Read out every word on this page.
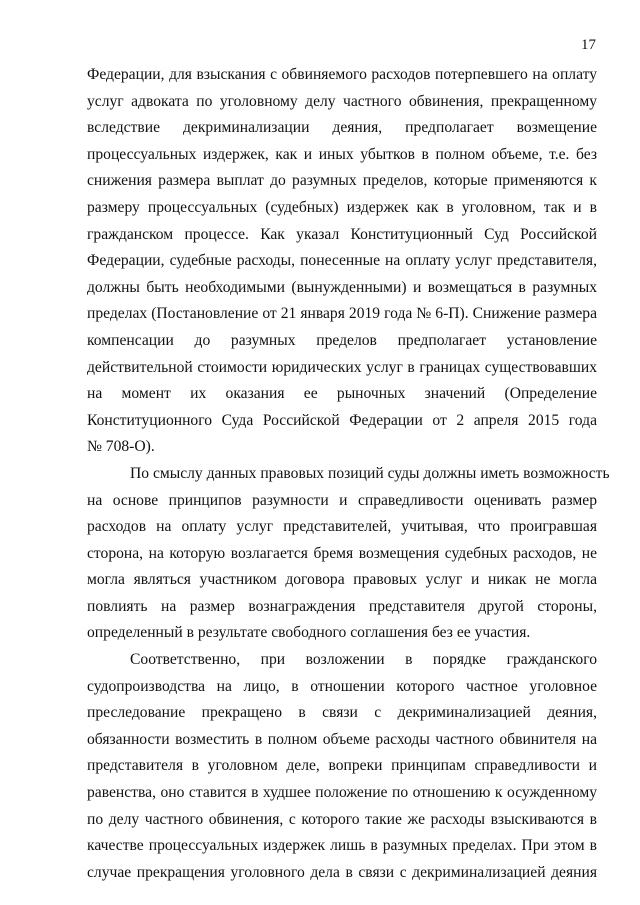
17
Федерации, для взыскания с обвиняемого расходов потерпевшего на оплату
услуг адвоката по уголовному делу частного обвинения, прекращенному
вследствие декриминализации деяния, предполагает возмещение
процессуальных издержек, как и иных убытков в полном объеме, т.е. без
снижения размера выплат до разумных пределов, которые применяются к
размеру процессуальных (судебных) издержек как в уголовном, так и в
гражданском процессе. Как указал Конституционный Суд Российской
Федерации, судебные расходы, понесенные на оплату услуг представителя,
должны быть необходимыми (вынужденными) и возмещаться в разумных
пределах (Постановление от 21 января 2019 года № 6-П). Снижение размера
компенсации до разумных пределов предполагает установление
действительной стоимости юридических услуг в границах существовавших
на момент их оказания ее рыночных значений (Определение
Конституционного Суда Российской Федерации от 2 апреля 2015 года
№ 708-О).
По смыслу данных правовых позиций суды должны иметь возможность
на основе принципов разумности и справедливости оценивать размер
расходов на оплату услуг представителей, учитывая, что проигравшая
сторона, на которую возлагается бремя возмещения судебных расходов, не
могла являться участником договора правовых услуг и никак не могла
повлиять на размер вознаграждения представителя другой стороны,
определенный в результате свободного соглашения без ее участия.
Соответственно, при возложении в порядке гражданского
судопроизводства на лицо, в отношении которого частное уголовное
преследование прекращено в связи с декриминализацией деяния,
обязанности возместить в полном объеме расходы частного обвинителя на
представителя в уголовном деле, вопреки принципам справедливости и
равенства, оно ставится в худшее положение по отношению к осужденному
по делу частного обвинения, с которого такие же расходы взыскиваются в
качестве процессуальных издержек лишь в разумных пределах. При этом в
случае прекращения уголовного дела в связи с декриминализацией деяния
